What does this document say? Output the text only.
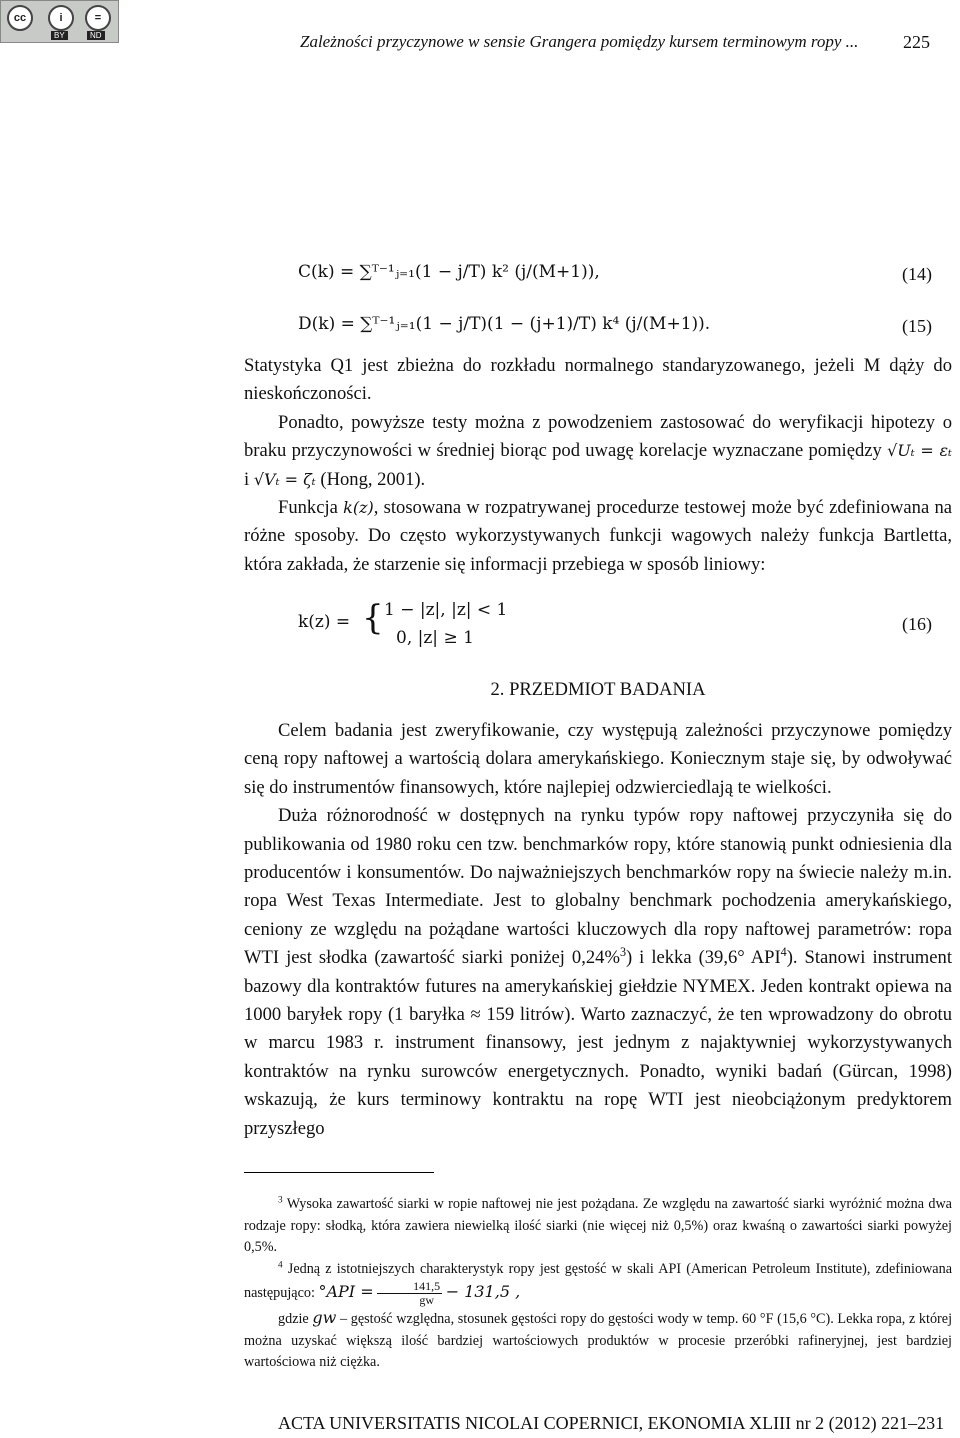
cc	i	=
BY	ND	Zależności przyczynowe w sensie Grangera pomiędzy kursem terminowym ropy ... 225
C(k) = ∑ᵀ⁻¹ⱼ₌₁(1 − j/T) k² (j/(M+1)),	(14)
D(k) = ∑ᵀ⁻¹ⱼ₌₁(1 − j/T)(1 − (j+1)/T) k⁴ (j/(M+1)).	(15)

Statystyka Q1 jest zbieżna do rozkładu normalnego standaryzowanego, jeżeli M dąży do nieskończoności.

Ponadto, powyższe testy można z powodzeniem zastosować do weryfikacji hipotezy o braku przyczynowości w średniej biorąc pod uwagę korelacje wyznaczane pomiędzy √Uₜ = εₜ i √Vₜ = ζₜ (Hong, 2001).

Funkcja k(z), stosowana w rozpatrywanej procedurze testowej może być zdefiniowana na różne sposoby. Do często wykorzystywanych funkcji wagowych należy funkcja Bartletta, która zakłada, że starzenie się informacji przebiega w sposób liniowy:

k(z) = { 1 − |z|, |z| < 1
0, |z| ≥ 1
(16)
2. PRZEDMIOT BADANIA

Celem badania jest zweryfikowanie, czy występują zależności przyczynowe pomiędzy ceną ropy naftowej a wartością dolara amerykańskiego. Koniecznym staje się, by odwoływać się do instrumentów finansowych, które najlepiej odzwierciedlają te wielkości.

Duża różnorodność w dostępnych na rynku typów ropy naftowej przyczyniła się do publikowania od 1980 roku cen tzw. benchmarków ropy, które stanowią punkt odniesienia dla producentów i konsumentów. Do najważniejszych benchmarków ropy na świecie należy m.in. ropa West Texas Intermediate. Jest to globalny benchmark pochodzenia amerykańskiego, ceniony ze względu na pożądane wartości kluczowych dla ropy naftowej parametrów: ropa WTI jest słodka (zawartość siarki poniżej 0,24%$^3$) i lekka (39,6° API$^4$). Stanowi instrument bazowy dla kontraktów futures na amerykańskiej giełdzie NYMEX. Jeden kontrakt opiewa na 1000 baryłek ropy (1 baryłka ≈ 159 litrów). Warto zaznaczyć, że ten wprowadzony do obrotu w marcu 1983 r. instrument finansowy, jest jednym z najaktywniej wykorzystywanych kontraktów na rynku surowców energetycznych. Ponadto, wyniki badań (Gürcan, 1998) wskazują, że kurs terminowy kontraktu na ropę WTI jest nieobciążonym predyktorem przyszłego

$^3$ Wysoka zawartość siarki w ropie naftowej nie jest pożądana. Ze względu na zawartość siarki wyróżnić można dwa rodzaje ropy: słodką, która zawiera niewielką ilość siarki (nie więcej niż 0,5%) oraz kwaśną o zawartości siarki powyżej 0,5%.

$^4$ Jedną z istotniejszych charakterystyk ropy jest gęstość w skali API (American Petroleum Institute), zdefiniowana następująco: $^\circ API = \frac{141,5}{gw} - 131,5$ ,

gdzie gw – gęstość względna, stosunek gęstości ropy do gęstości wody w temp. 60 °F (15,6 °C). Lekka ropa, z której można uzyskać większą ilość bardziej wartościowych produktów w procesie przeróbki rafineryjnej, jest bardziej wartościowa niż ciężka.

ACTA UNIVERSITATIS NICOLAI COPERNICI, EKONOMIA XLIII nr 2 (2012) 221–231
